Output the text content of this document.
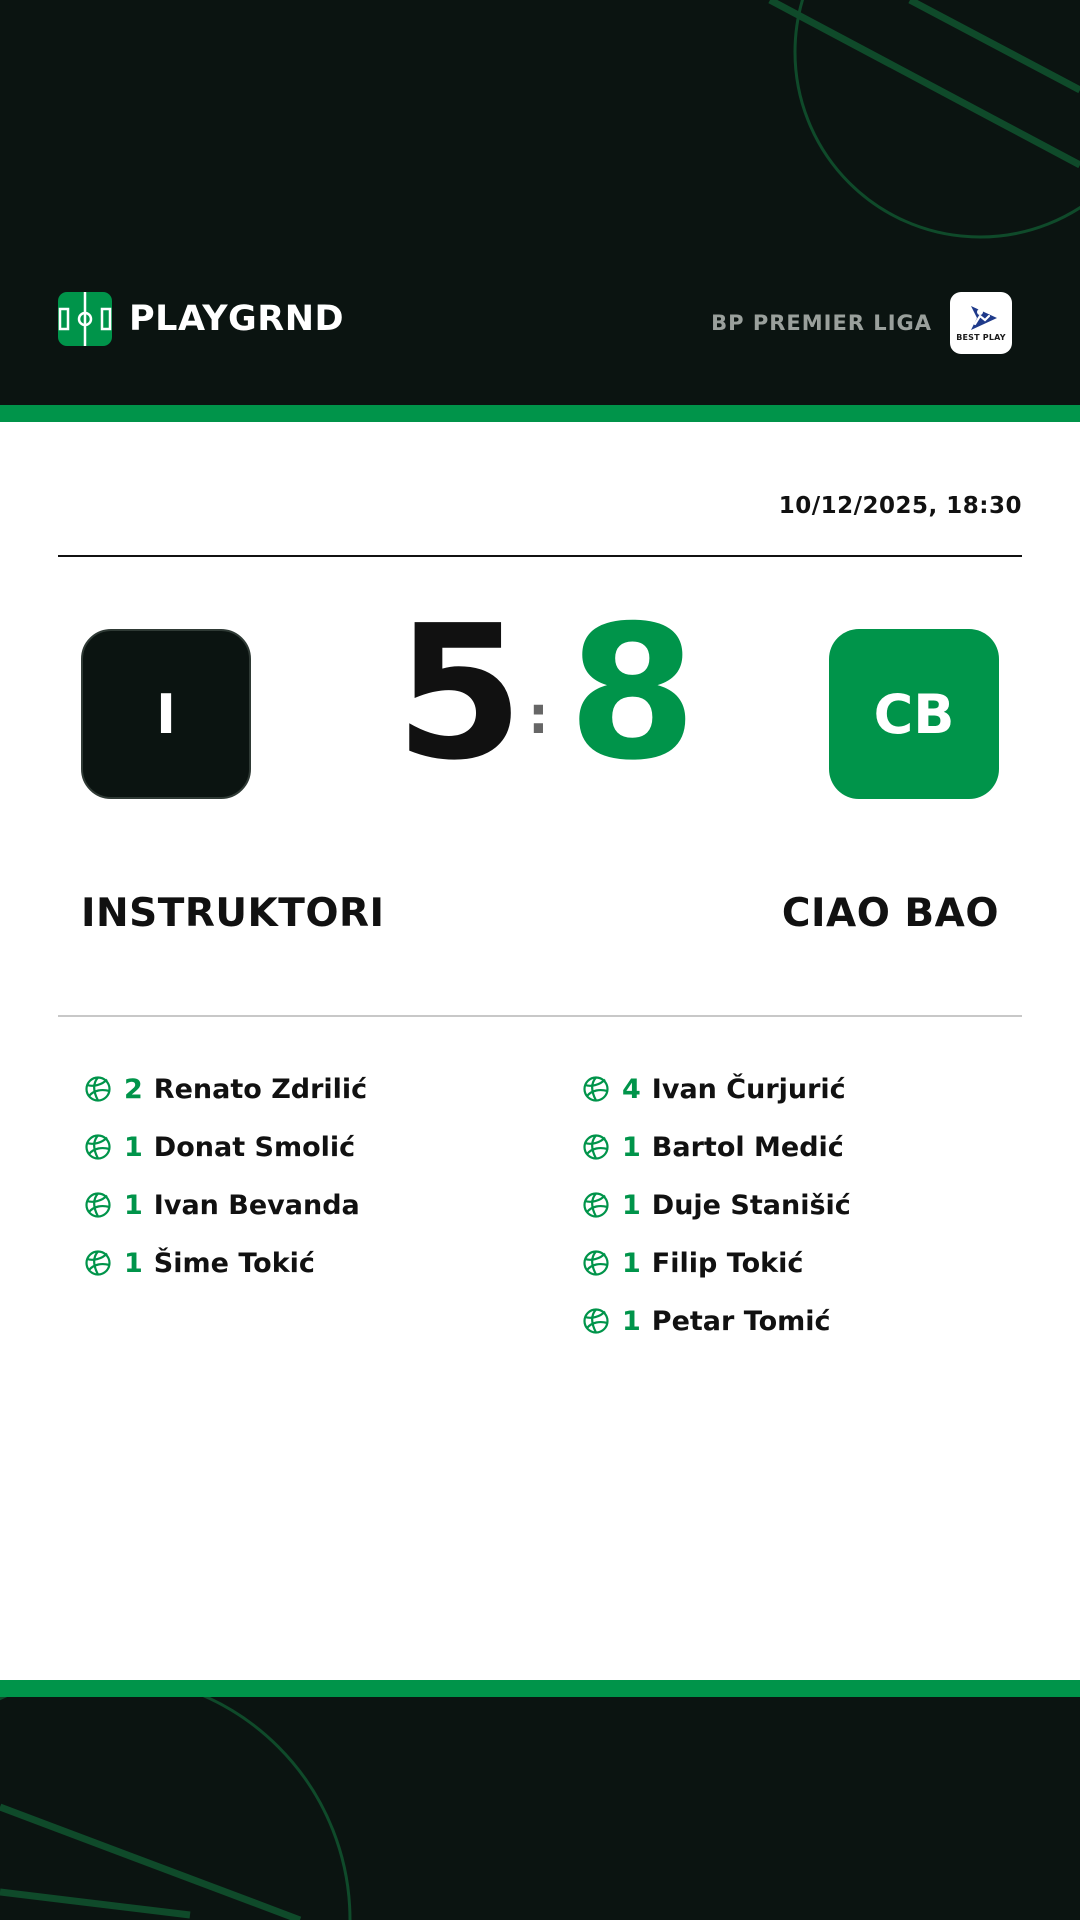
PLAYGRND	BP PREMIER LIGA
BEST PLAY
10/12/2025, 18:30
I	5 : 8	CB
INSTRUKTORI	CIAO BAO
2 Renato Zdrilić
1 Donat Smolić
1 Ivan Bevanda
1 Šime Tokić
4 Ivan Čurjurić
1 Bartol Medić
1 Duje Stanišić
1 Filip Tokić
1 Petar Tomić
